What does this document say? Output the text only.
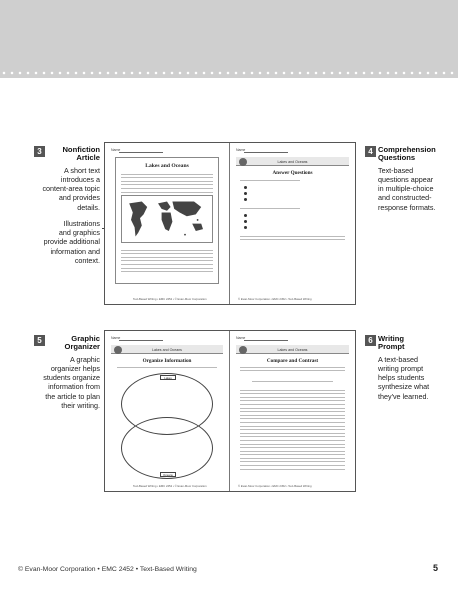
3	Nonfiction
Article
A short text
introduces a
content-area topic
and provides
details.
Illustrations
and graphics
provide additional
information and
context.
4 Comprehension
Questions
Text-based
questions appear
in multiple-choice
and constructed-
response formats.
5	Graphic
Organizer
A graphic
organizer helps
students organize
information from
the article to plan
their writing.
6 Writing
Prompt
A text-based
writing prompt
helps students
synthesize what
they've learned.
Name
Lakes and Oceans
Text-Based Writing • EMC 2452 • © Evan-Moor Corporation
Name
Lakes and Oceans
Answer Questions
© Evan-Moor Corporation • EMC 2452 • Text-Based Writing
Name
Lakes and Oceans
Organize Information
Lakes
Oceans
Text-Based Writing • EMC 2452 • © Evan-Moor Corporation
Name
Lakes and Oceans
Compare and Contrast
© Evan-Moor Corporation • EMC 2452 • Text-Based Writing
© Evan-Moor Corporation • EMC 2452 • Text-Based Writing	5
